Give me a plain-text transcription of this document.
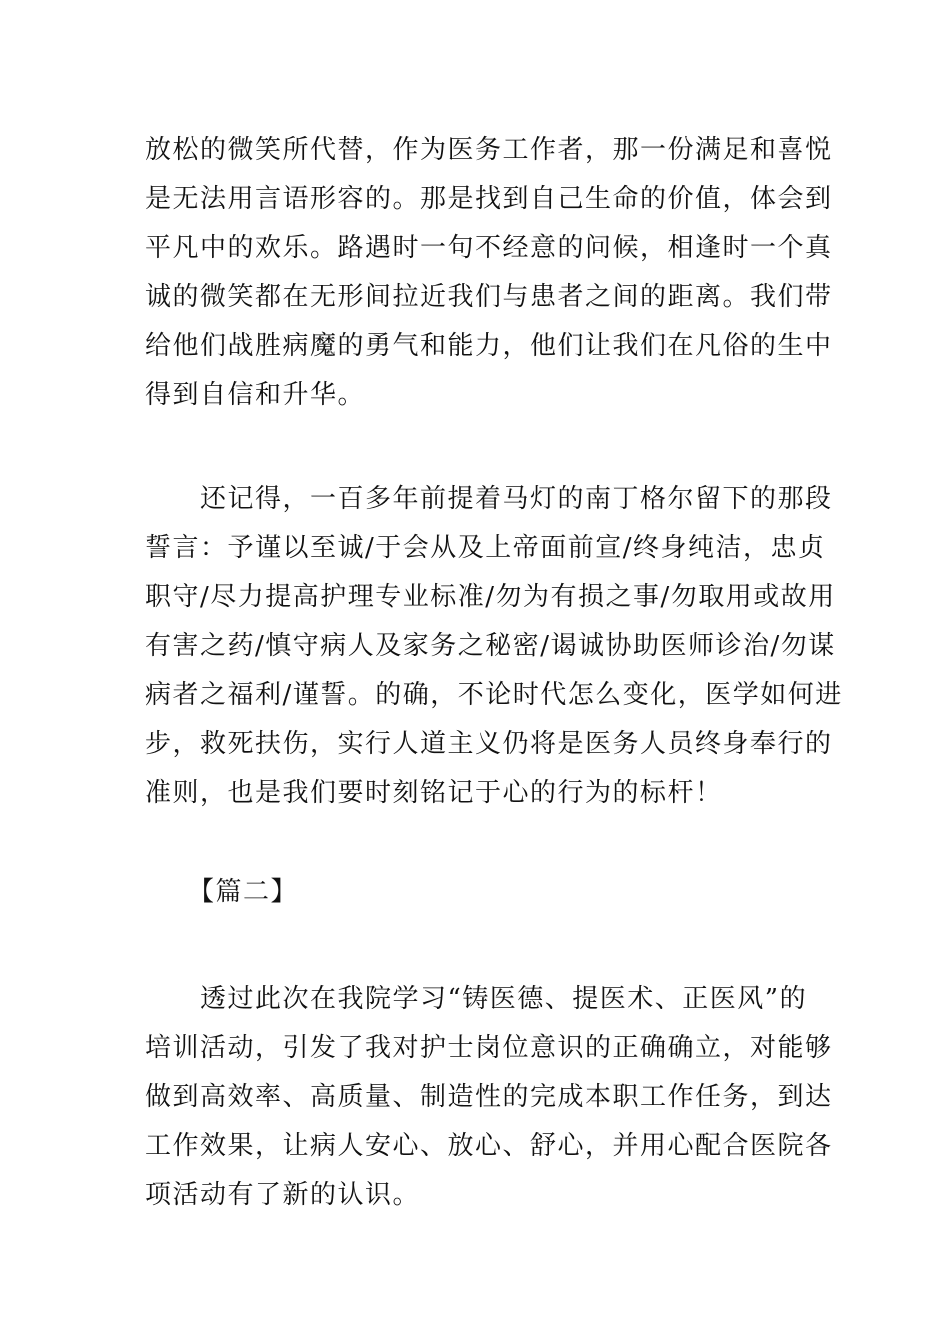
放松的微笑所代替，作为医务工作者，那一份满足和喜悦
是无法用言语形容的。那是找到自己生命的价值，体会到
平凡中的欢乐。路遇时一句不经意的问候，相逢时一个真
诚的微笑都在无形间拉近我们与患者之间的距离。我们带
给他们战胜病魔的勇气和能力，他们让我们在凡俗的生中
得到自信和升华。

　　还记得，一百多年前提着马灯的南丁格尔留下的那段
誓言：予谨以至诚/于会从及上帝面前宣/终身纯洁，忠贞
职守/尽力提高护理专业标准/勿为有损之事/勿取用或故用
有害之药/慎守病人及家务之秘密/谒诚协助医师诊治/勿谋
病者之福利/谨誓。的确，不论时代怎么变化，医学如何进
步，救死扶伤，实行人道主义仍将是医务人员终身奉行的
准则，也是我们要时刻铭记于心的行为的标杆！

【篇二】

　　透过此次在我院学习“铸医德、提医术、正医风”的
培训活动，引发了我对护士岗位意识的正确确立，对能够
做到高效率、高质量、制造性的完成本职工作任务，到达
工作效果，让病人安心、放心、舒心，并用心配合医院各
项活动有了新的认识。
